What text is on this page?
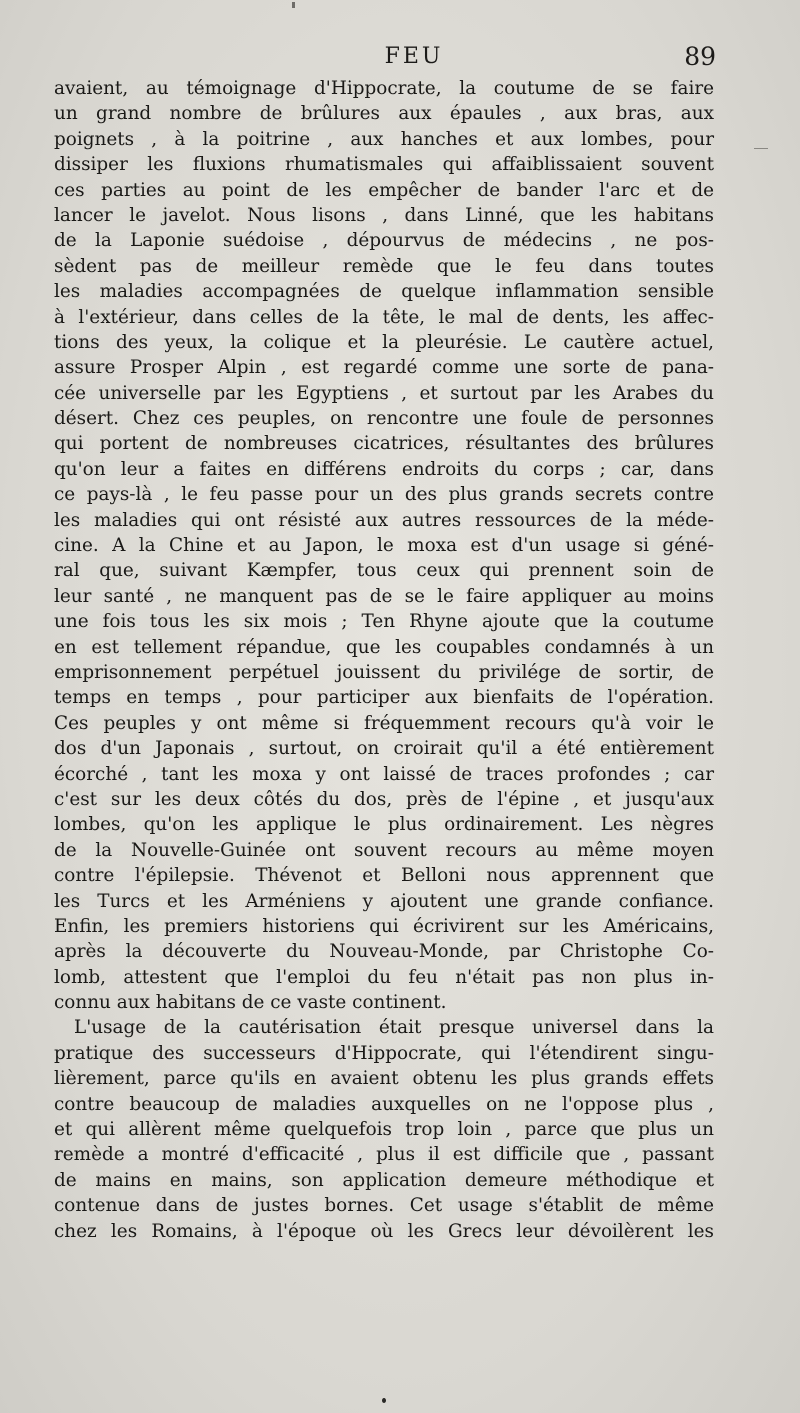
FEU	89
avaient, au témoignage d'Hippocrate, la coutume de se faire
un grand nombre de brûlures aux épaules , aux bras, aux
poignets , à la poitrine , aux hanches et aux lombes, pour
dissiper les fluxions rhumatismales qui affaiblissaient souvent
ces parties au point de les empêcher de bander l'arc et de
lancer le javelot. Nous lisons , dans Linné, que les habitans
de la Laponie suédoise , dépourvus de médecins , ne pos-
sèdent pas de meilleur remède que le feu dans toutes
les maladies accompagnées de quelque inflammation sensible
à l'extérieur, dans celles de la tête, le mal de dents, les affec-
tions des yeux, la colique et la pleurésie. Le cautère actuel,
assure Prosper Alpin , est regardé comme une sorte de pana-
cée universelle par les Egyptiens , et surtout par les Arabes du
désert. Chez ces peuples, on rencontre une foule de personnes
qui portent de nombreuses cicatrices, résultantes des brûlures
qu'on leur a faites en différens endroits du corps ; car, dans
ce pays-là , le feu passe pour un des plus grands secrets contre
les maladies qui ont résisté aux autres ressources de la méde-
cine. A la Chine et au Japon, le moxa est d'un usage si géné-
ral que, suivant Kæmpfer, tous ceux qui prennent soin de
leur santé , ne manquent pas de se le faire appliquer au moins
une fois tous les six mois ; Ten Rhyne ajoute que la coutume
en est tellement répandue, que les coupables condamnés à un
emprisonnement perpétuel jouissent du privilége de sortir, de
temps en temps , pour participer aux bienfaits de l'opération.
Ces peuples y ont même si fréquemment recours qu'à voir le
dos d'un Japonais , surtout, on croirait qu'il a été entièrement
écorché , tant les moxa y ont laissé de traces profondes ; car
c'est sur les deux côtés du dos, près de l'épine , et jusqu'aux
lombes, qu'on les applique le plus ordinairement. Les nègres
de la Nouvelle-Guinée ont souvent recours au même moyen
contre l'épilepsie. Thévenot et Belloni nous apprennent que
les Turcs et les Arméniens y ajoutent une grande confiance.
Enfin, les premiers historiens qui écrivirent sur les Américains,
après la découverte du Nouveau-Monde, par Christophe Co-
lomb, attestent que l'emploi du feu n'était pas non plus in-
connu aux habitans de ce vaste continent.
L'usage de la cautérisation était presque universel dans la
pratique des successeurs d'Hippocrate, qui l'étendirent singu-
lièrement, parce qu'ils en avaient obtenu les plus grands effets
contre beaucoup de maladies auxquelles on ne l'oppose plus ,
et qui allèrent même quelquefois trop loin , parce que plus un
remède a montré d'efficacité , plus il est difficile que , passant
de mains en mains, son application demeure méthodique et
contenue dans de justes bornes. Cet usage s'établit de même
chez les Romains, à l'époque où les Grecs leur dévoilèrent les
